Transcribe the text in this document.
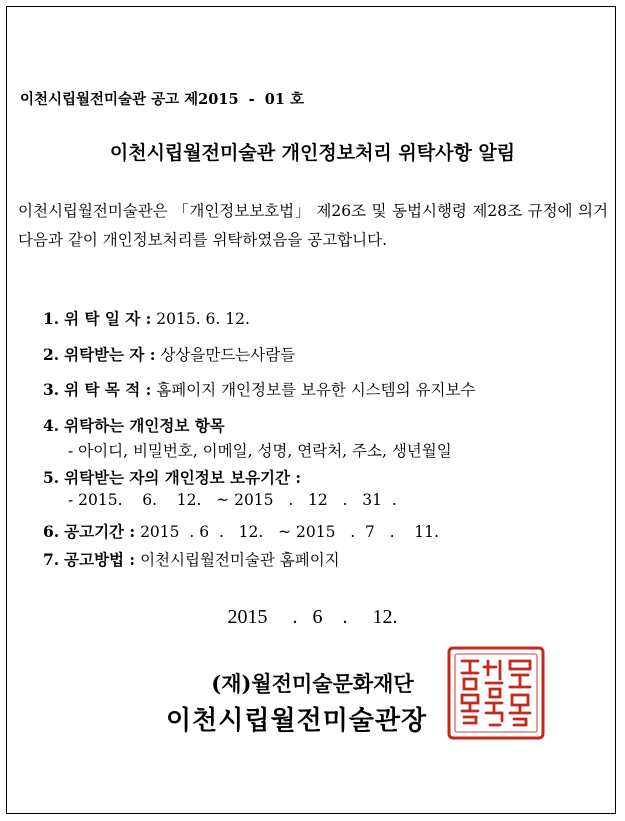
이천시립월전미술관 공고 제2015  -  01 호
이천시립월전미술관 개인정보처리 위탁사항 알림
이천시립월전미술관은 「개인정보보호법」 제26조 및 동법시행령 제28조 규정에 의거 다음과 같이 개인정보처리를 위탁하였음을 공고합니다.
1. 위 탁 일 자 : 2015. 6. 12.
2. 위탁받는 자 : 상상을만드는사람들
3. 위 탁 목 적 : 홈페이지 개인정보를 보유한 시스템의 유지보수
4. 위탁하는 개인정보 항목
- 아이디, 비밀번호, 이메일, 성명, 연락처, 주소, 생년월일
5. 위탁받는 자의 개인정보 보유기간 :
- 2015.    6.    12.   ~ 2015   .   12   .   31  .
6. 공고기간 : 2015  . 6  .   12.   ~ 2015   .  7   .    11.
7. 공고방법 : 이천시립월전미술관 홈페이지
2015     .   6    .     12.
(재)월전미술문화재단
이천시립월전미술관장
